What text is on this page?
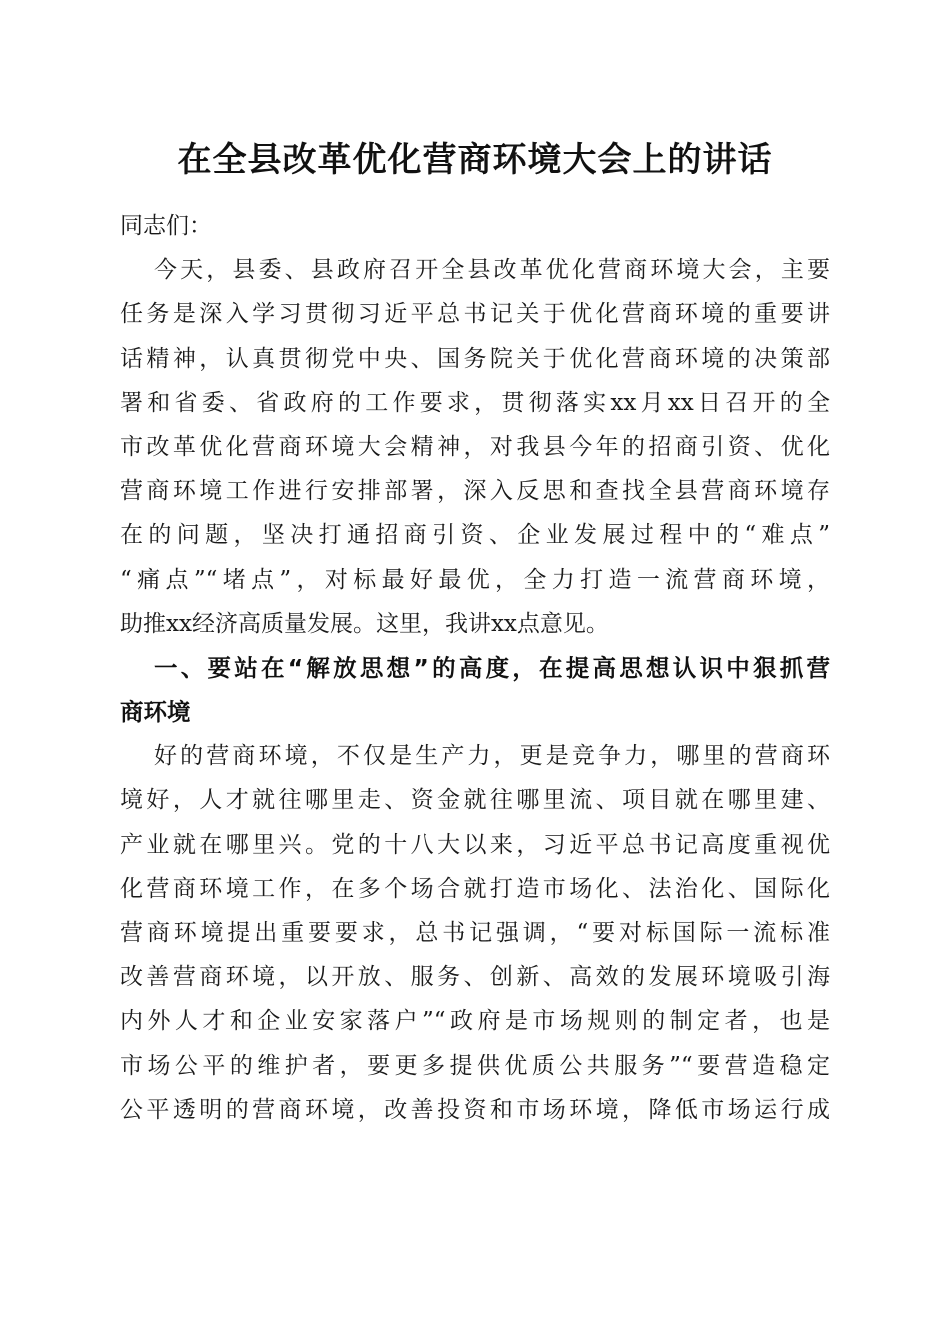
在全县改革优化营商环境大会上的讲话
同志们：
今天，县委、县政府召开全县改革优化营商环境大会，主要
任务是深入学习贯彻习近平总书记关于优化营商环境的重要讲
话精神，认真贯彻党中央、国务院关于优化营商环境的决策部
署和省委、省政府的工作要求，贯彻落实xx月xx日召开的全
市改革优化营商环境大会精神，对我县今年的招商引资、优化
营商环境工作进行安排部署，深入反思和查找全县营商环境存
在的问题，坚决打通招商引资、企业发展过程中的“难点”
“痛点”“堵点”，对标最好最优，全力打造一流营商环境，
助推xx经济高质量发展。这里，我讲xx点意见。
一、要站在“解放思想”的高度，在提高思想认识中狠抓营
商环境
好的营商环境，不仅是生产力，更是竞争力，哪里的营商环
境好，人才就往哪里走、资金就往哪里流、项目就在哪里建、
产业就在哪里兴。党的十八大以来，习近平总书记高度重视优
化营商环境工作，在多个场合就打造市场化、法治化、国际化
营商环境提出重要要求，总书记强调，“要对标国际一流标准
改善营商环境，以开放、服务、创新、高效的发展环境吸引海
内外人才和企业安家落户”“政府是市场规则的制定者，也是
市场公平的维护者，要更多提供优质公共服务”“要营造稳定
公平透明的营商环境，改善投资和市场环境，降低市场运行成
